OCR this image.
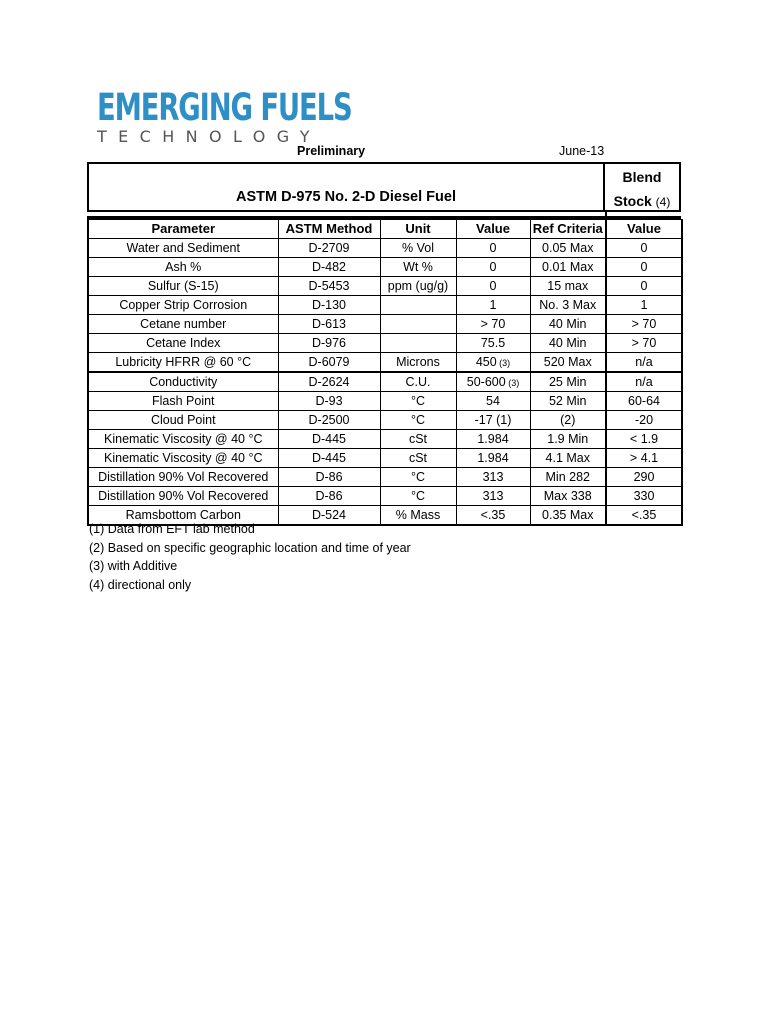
EMERGING FUELS
TECHNOLOGY
Preliminary	June-13
ASTM D-975 No. 2-D Diesel Fuel
Blend
Stock (4)
Parameter	ASTM Method	Unit	Value	Ref Criteria	Value
Water and Sediment	D-2709	% Vol	0	0.05 Max	0
Ash %	D-482	Wt %	0	0.01 Max	0
Sulfur (S-15)	D-5453	ppm (ug/g)	0	15 max	0
Copper Strip Corrosion	D-130		1	No. 3 Max	1
Cetane number	D-613		> 70	40 Min	> 70
Cetane Index	D-976		75.5	40 Min	> 70
Lubricity HFRR @ 60 °C	D-6079	Microns	450 (3)	520 Max	n/a
Conductivity	D-2624	C.U.	50-600 (3)	25 Min	n/a
Flash Point	D-93	°C	54	52 Min	60-64
Cloud Point	D-2500	°C	-17 (1)	(2)	-20
Kinematic Viscosity @ 40 °C	D-445	cSt	1.984	1.9 Min	< 1.9
Kinematic Viscosity @ 40 °C	D-445	cSt	1.984	4.1 Max	> 4.1
Distillation 90% Vol Recovered	D-86	°C	313	Min 282	290
Distillation 90% Vol Recovered	D-86	°C	313	Max 338	330
Ramsbottom Carbon	D-524	% Mass	<.35	0.35 Max	<.35
(1) Data from EFT lab method
(2) Based on specific geographic location and time of year
(3) with Additive
(4) directional only
